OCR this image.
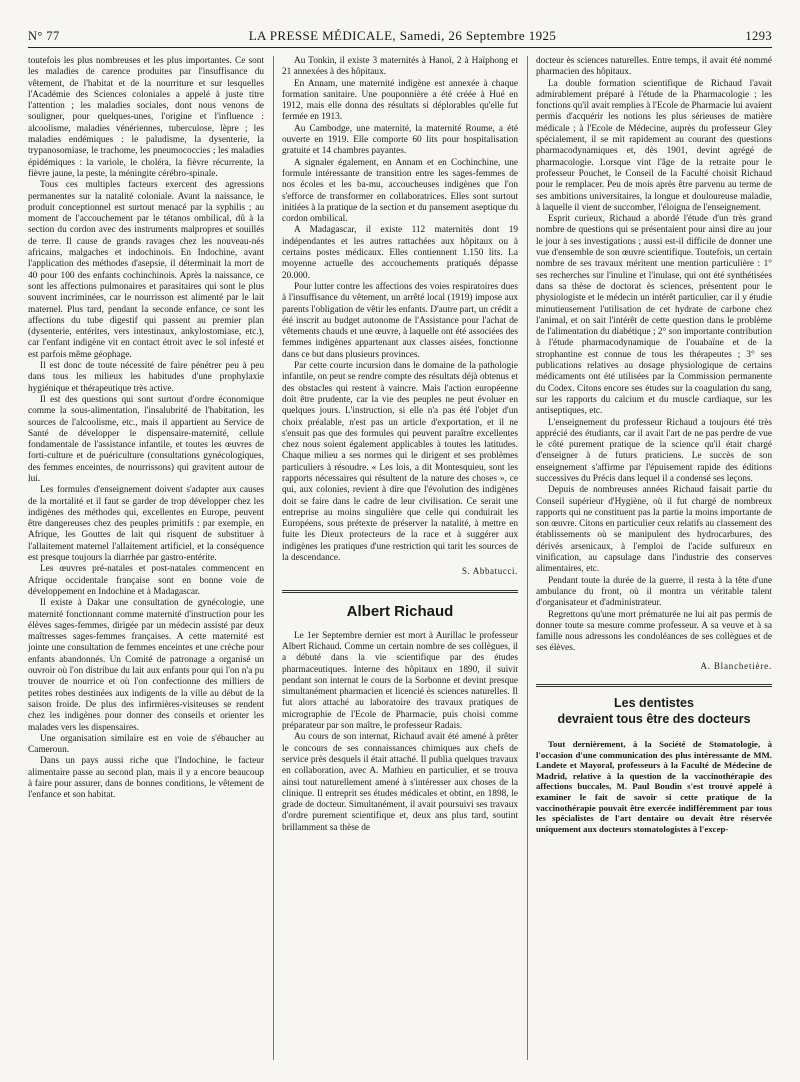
N° 77	LA PRESSE MÉDICALE, Samedi, 26 Septembre 1925	1293

toutefois les plus nombreuses et les plus importantes. Ce sont les maladies de carence produites par l'insuffisance du vêtement, de l'habitat et de la nourriture et sur lesquelles l'Académie des Sciences coloniales a appelé à juste titre l'attention ; les maladies sociales, dont nous venons de souligner, pour quelques-unes, l'origine et l'influence : alcoolisme, maladies vénériennes, tuberculose, lèpre ; les maladies endémiques : le paludisme, la dysenterie, la trypanosomiase, le trachome, les pneumococcies ; les maladies épidémiques : la variole, le choléra, la fièvre récurrente, la fièvre jaune, la peste, la méningite cérébro-spinale.

Tous ces multiples facteurs exercent des agressions permanentes sur la natalité coloniale. Avant la naissance, le produit conceptionnel est surtout menacé par la syphilis ; au moment de l'accouchement par le tétanos ombilical, dû à la section du cordon avec des instruments malpropres et souillés de terre. Il cause de grands ravages chez les nouveau-nés africains, malgaches et indochinois. En Indochine, avant l'application des méthodes d'asepsie, il déterminait la mort de 40 pour 100 des enfants cochinchinois. Après la naissance, ce sont les affections pulmonaires et parasitaires qui sont le plus souvent incriminées, car le nourrisson est alimenté par le lait maternel. Plus tard, pendant la seconde enfance, ce sont les affections du tube digestif qui passent au premier plan (dysenterie, entérites, vers intestinaux, ankylostomiase, etc.), car l'enfant indigène vit en contact étroit avec le sol infesté et est parfois même géophage.

Il est donc de toute nécessité de faire pénétrer peu à peu dans tous les milieux les habitudes d'une prophylaxie hygiénique et thérapeutique très active.

Il est des questions qui sont surtout d'ordre économique comme la sous-alimentation, l'insalubrité de l'habitation, les sources de l'alcoolisme, etc., mais il appartient au Service de Santé de développer le dispensaire-maternité, cellule fondamentale de l'assistance infantile, et toutes les œuvres de forti-culture et de puériculture (consultations gynécologiques, des femmes enceintes, de nourrissons) qui gravitent autour de lui.

Les formules d'enseignement doivent s'adapter aux causes de la mortalité et il faut se garder de trop développer chez les indigènes des méthodes qui, excellentes en Europe, peuvent être dangereuses chez des peuples primitifs : par exemple, en Afrique, les Gouttes de lait qui risquent de substituer à l'allaitement maternel l'allaitement artificiel, et la conséquence est presque toujours la diarrhée par gastro-entérite.

Les œuvres pré-natales et post-natales commencent en Afrique occidentale française sont en bonne voie de développement en Indochine et à Madagascar.

Il existe à Dakar une consultation de gynécologie, une maternité fonctionnant comme maternité d'instruction pour les élèves sages-femmes, dirigée par un médecin assisté par deux maîtresses sages-femmes françaises. A cette maternité est jointe une consultation de femmes enceintes et une crèche pour enfants abandonnés. Un Comité de patronage a organisé un ouvroir où l'on distribue du lait aux enfants pour qui l'on n'a pu trouver de nourrice et où l'on confectionne des milliers de petites robes destinées aux indigents de la ville au début de la saison froide. De plus des infirmières-visiteuses se rendent chez les indigènes pour donner des conseils et orienter les malades vers les dispensaires.

Une organisation similaire est en voie de s'ébaucher au Cameroun.

Dans un pays aussi riche que l'Indochine, le facteur alimentaire passe au second plan, mais il y a encore beaucoup à faire pour assurer, dans de bonnes conditions, le vêtement de l'enfance et son habitat.

Au Tonkin, il existe 3 maternités à Hanoï, 2 à Haïphong et 21 annexées à des hôpitaux.

En Annam, une maternité indigène est annexée à chaque formation sanitaire. Une pouponnière a été créée à Hué en 1912, mais elle donna des résultats si déplorables qu'elle fut fermée en 1913.

Au Cambodge, une maternité, la maternité Roume, a été ouverte en 1919. Elle comporte 60 lits pour hospitalisation gratuite et 14 chambres payantes.

A signaler également, en Annam et en Cochinchine, une formule intéressante de transition entre les sages-femmes de nos écoles et les ba-mu, accoucheuses indigènes que l'on s'efforce de transformer en collaboratrices. Elles sont surtout initiées à la pratique de la section et du pansement aseptique du cordon ombilical.

A Madagascar, il existe 112 maternités dont 19 indépendantes et les autres rattachées aux hôpitaux ou à certains postes médicaux. Elles contiennent 1.150 lits. La moyenne actuelle des accouchements pratiqués dépasse 20.000.

Pour lutter contre les affections des voies respiratoires dues à l'insuffisance du vêtement, un arrêté local (1919) impose aux parents l'obligation de vêtir les enfants. D'autre part, un crédit a été inscrit au budget autonome de l'Assistance pour l'achat de vêtements chauds et une œuvre, à laquelle ont été associées des femmes indigènes appartenant aux classes aisées, fonctionne dans ce but dans plusieurs provinces.

Par cette courte incursion dans le domaine de la pathologie infantile, on peut se rendre compte des résultats déjà obtenus et des obstacles qui restent à vaincre. Mais l'action européenne doit être prudente, car la vie des peuples ne peut évoluer en quelques jours. L'instruction, si elle n'a pas été l'objet d'un choix préalable, n'est pas un article d'exportation, et il ne s'ensuit pas que des formules qui peuvent paraître excellentes chez nous soient également applicables à toutes les latitudes. Chaque milieu a ses normes qui le dirigent et ses problèmes particuliers à résoudre. « Les lois, a dit Montesquieu, sont les rapports nécessaires qui résultent de la nature des choses », ce qui, aux colonies, revient à dire que l'évolution des indigènes doit se faire dans le cadre de leur civilisation. Ce serait une entreprise au moins singulière que celle qui conduirait les Européens, sous prétexte de préserver la natalité, à mettre en fuite les Dieux protecteurs de la race et à suggérer aux indigènes les pratiques d'une restriction qui tarit les sources de la descendance.

S. Abbatucci.
Albert Richaud

Le 1er Septembre dernier est mort à Aurillac le professeur Albert Richaud. Comme un certain nombre de ses collègues, il a débuté dans la vie scientifique par des études pharmaceutiques. Interne des hôpitaux en 1890, il suivit pendant son internat le cours de la Sorbonne et devint presque simultanément pharmacien et licencié ès sciences naturelles. Il fut alors attaché au laboratoire des travaux pratiques de micrographie de l'Ecole de Pharmacie, puis choisi comme préparateur par son maître, le professeur Radais.

Au cours de son internat, Richaud avait été amené à prêter le concours de ses connaissances chimiques aux chefs de service près desquels il était attaché. Il publia quelques travaux en collaboration, avec A. Mathieu en particulier, et se trouva ainsi tout naturellement amené à s'intéresser aux choses de la clinique. Il entreprit ses études médicales et obtint, en 1898, le grade de docteur. Simultanément, il avait poursuivi ses travaux d'ordre purement scientifique et, deux ans plus tard, soutint brillamment sa thèse de

docteur ès sciences naturelles. Entre temps, il avait été nommé pharmacien des hôpitaux.

La double formation scientifique de Richaud l'avait admirablement préparé à l'étude de la Pharmacologie ; les fonctions qu'il avait remplies à l'Ecole de Pharmacie lui avaient permis d'acquérir les notions les plus sérieuses de matière médicale ; à l'Ecole de Médecine, auprès du professeur Gley spécialement, il se mit rapidement au courant des questions pharmacodynamiques et, dès 1901, devint agrégé de pharmacologie. Lorsque vint l'âge de la retraite pour le professeur Pouchet, le Conseil de la Faculté choisit Richaud pour le remplacer. Peu de mois après être parvenu au terme de ses ambitions universitaires, la longue et douloureuse maladie, à laquelle il vient de succomber, l'éloigna de l'enseignement.

Esprit curieux, Richaud a abordé l'étude d'un très grand nombre de questions qui se présentaient pour ainsi dire au jour le jour à ses investigations ; aussi est-il difficile de donner une vue d'ensemble de son œuvre scientifique. Toutefois, un certain nombre de ses travaux méritent une mention particulière : 1° ses recherches sur l'inuline et l'inulase, qui ont été synthétisées dans sa thèse de doctorat ès sciences, présentent pour le physiologiste et le médecin un intérêt particulier, car il y étudie minutieusement l'utilisation de cet hydrate de carbone chez l'animal, et on sait l'intérêt de cette question dans le problème de l'alimentation du diabétique ; 2° son importante contribution à l'étude pharmacodynamique de l'ouabaïne et de la strophantine est connue de tous les thérapeutes ; 3° ses publications relatives au dosage physiologique de certains médicaments ont été utilisées par la Commission permanente du Codex. Citons encore ses études sur la coagulation du sang, sur les rapports du calcium et du muscle cardiaque, sur les antiseptiques, etc.

L'enseignement du professeur Richaud a toujours été très apprécié des étudiants, car il avait l'art de ne pas perdre de vue le côté purement pratique de la science qu'il était chargé d'enseigner à de futurs praticiens. Le succès de son enseignement s'affirme par l'épuisement rapide des éditions successives du Précis dans lequel il a condensé ses leçons.

Depuis de nombreuses années Richaud faisait partie du Conseil supérieur d'Hygiène, où il fut chargé de nombreux rapports qui ne constituent pas la partie la moins importante de son œuvre. Citons en particulier ceux relatifs au classement des établissements où se manipulent des hydrocarbures, des dérivés arsenicaux, à l'emploi de l'acide sulfureux en vinification, au capsulage dans l'industrie des conserves alimentaires, etc.

Pendant toute la durée de la guerre, il resta à la tête d'une ambulance du front, où il montra un véritable talent d'organisateur et d'administrateur.

Regrettons qu'une mort prématurée ne lui ait pas permis de donner toute sa mesure comme professeur. A sa veuve et à sa famille nous adressons les condoléances de ses collègues et de ses élèves.

A. Blanchetière.
Les dentistes
devraient tous être des docteurs

Tout dernièrement, à la Société de Stomatologie, à l'occasion d'une communication des plus intéressante de MM. Landete et Mayoral, professeurs à la Faculté de Médecine de Madrid, relative à la question de la vaccinothérapie des affections buccales, M. Paul Boudin s'est trouvé appelé à examiner le fait de savoir si cette pratique de la vaccinothérapie pouvait être exercée indifféremment par tous les spécialistes de l'art dentaire ou devait être réservée uniquement aux docteurs stomatologistes à l'excep-
